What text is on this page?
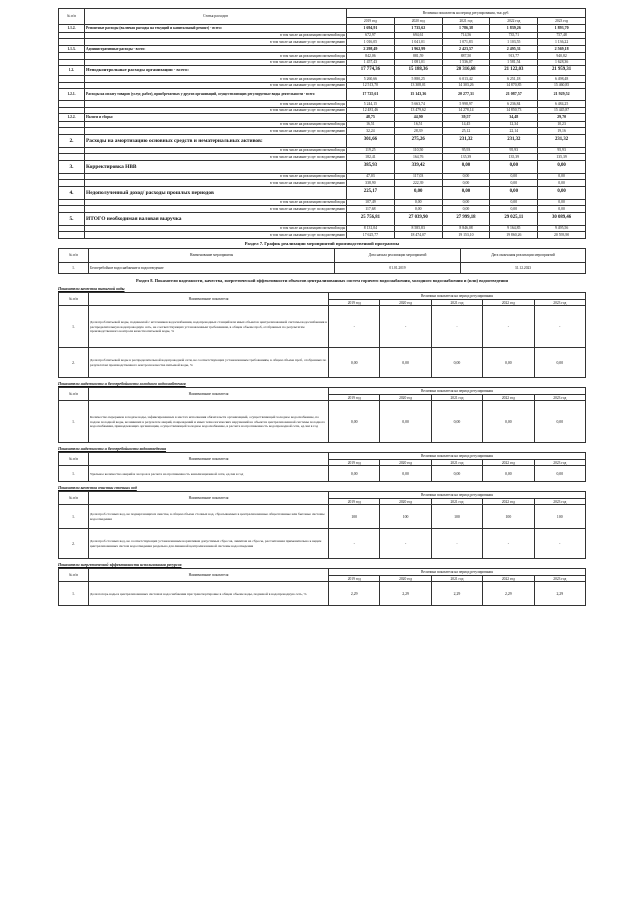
№ п/п	Статья расходов	Величина показателя на период регулирования, тыс.руб.				
		2019 год	2020 год	2021 год	2022 год	2023 год
1.1.2.	Ремонтные расходы (включая расходы на текущий и капитальный ремонт) - всего:	1 694,91	1 735,62	1 786,38	1 839,26	1 893,70
	в том числе на реализацию питьевой воды	672,97	694,61	714,56	735,71	757,48
	в том числе на оказание услуг по водоотведению	1 016,05	1 041,01	1 071,83	1 103,55	1 136,22
1.1.3.	Административные расходы - всего:	2 298,49	1 962,99	2 423,57	2 495,31	2 569,18
	в том числе на реализацию питьевой воды	842,06	881,59	887,50	913,77	940,82
	в том числе на оказание услуг по водоотведению	1 457,43	1 081,01	1 536,07	1 581,54	1 628,36
1.2.	Неподконтрольные расходы организации - всего:	17 774,36	15 188,36	20 316,68	21 122,03	21 959,31
	в том числе на реализацию питьевой воды	5 260,66	5 880,25	6 013,42	6 251,18	6 498,48
	в том числе на оказание услуг по водоотведению	12 513,70	13 308,01	14 303,26	14 870,85	15 460,85
1.2.1.	Расходы на оплату товаров (услуг, работ), приобретаемых у других организаций, осуществляющих регулируемые виды деятельности - всего	17 725,61	15 143,36	20 277,31	21 087,57	21 929,52
	в том числе на реализацию питьевой воды	5 244,15	5 663,74	5 998,97	6 236,84	6 484,25
	в том числе на оказание услуг по водоотведению	12 481,46	13 479,62	14 278,14	14 850,73	15 445,87
1.2.2.	Налоги и сборы:	48,75	44,90	39,57	34,48	29,70
	в том числе на реализацию питьевой воды	16,51	16,51	14,45	12,34	10,23
	в том числе на оказание услуг по водоотведению	32,24	28,39	25,12	22,14	19,16
2.	Расходы на амортизацию основных средств и нематериальных активов:	301,66	275,26	231,32	231,32	231,32
	в том числе на реализацию питьевой воды	119,25	110,50	95,93	95,93	95,93
	в том числе на оказание услуг по водоотведению	182,41	164,76	135,39	135,39	135,39
3.	Корректировка НВВ	385,93	339,42	0,00	0,00	0,00
	в том числе на реализацию питьевой воды	47,03	117,03	0,00	0,00	0,00
	в том числе на оказание услуг по водоотведению	338,90	222,39	0,00	0,00	0,00
4.	Недополученный доход/ расходы прошлых периодов	225,17	0,00	0,00	0,00	0,00
	в том числе на реализацию питьевой воды	107,49	0,00	0,00	0,00	0,00
	в том числе на оказание услуг по водоотведению	117,68	0,00	0,00	0,00	0,00
5.	ИТОГО необходимая валовая выручка	25 756,81	27 039,90	27 999,18	29 025,11	30 089,46
	в том числе на реализацию питьевой воды	8 131,04	8 585,83	8 846,08	9 164,85	9 495,56
	в том числе на оказание услуг по водоотведению	17 625,77	18 474,07	19 153,10	19 860,26	20 593,90
Раздел 7. График реализации мероприятий производственной программы
№ п/п	Наименование мероприятия	Дата начала реализации мероприятий	Дата окончания реализации мероприятий
1.	Бесперебойное водоснабжение и водоотведение	01.01.2019	31.12.2023
Раздел 8. Показатели надежности, качества, энергетической эффективности объектов централизованных систем горячего водоснабжения, холодного водоснабжения и (или) водоотведения
Показатели качества питьевой воды
№ п/п	Наименование показателя	Величина показателя на период регулирования				
		2019 год	2020 год	2021 год	2022 год	2023 год
1.	Доля проб питьевой воды, подаваемой с источников водоснабжения, водопроводных станций или иных объектов централизованной системы водоснабжения в распределительную водопроводную сеть, не соответствующих установленным требованиям, в общем объеме проб, отобранных по результатам производственного контроля качества питьевой воды, %	-	-	-	-	-
2.	Доля проб питьевой воды в распределительной водопроводной сети, не соответствующих установленным требованиям, в общем объеме проб, отобранных по результатам производственного контроля качества питьевой воды, %	0,00	0,00	0,00	0,00	0,00
Показатели надежности и бесперебойности холодного водоснабжения
№ п/п	Наименование показателя	Величина показателя на период регулирования				
		2019 год	2020 год	2021 год	2022 год	2023 год
1.	Количество перерывов в подаче воды, зафиксированных в местах исполнения обязательств организацией, осуществляющей холодное водоснабжение, по подаче холодной воды, возникших в результате аварий, повреждений и иных технологических нарушений на объектах централизованной системы холодного водоснабжения, принадлежащих организации, осуществляющей холодное водоснабжение, в расчете на протяженность водопроводной сети, ед./км в год	0,00	0,00	0,00	0,00	0,00
Показатели надежности и бесперебойности водоотведения
№ п/п	Наименование показателя	Величина показателя на период регулирования				
		2019 год	2020 год	2021 год	2022 год	2023 год
1.	Удельное количество аварий и засоров в расчете на протяженность канализационной сети, ед./км в год	0,00	0,00	0,00	0,00	0,00
Показатели качества очистки сточных вод
№ п/п	Наименование показателя	Величина показателя на период регулирования				
		2019 год	2020 год	2021 год	2022 год	2023 год
1.	Доля проб сточных вод, не подвергающихся очистке, в общем объеме сточных вод, сбрасываемых в централизованные общесплавные или бытовые системы водоотведения	100	100	100	100	100
2.	Доля проб сточных вод, не соответствующих установленным нормативам допустимых сбросов, лимитам на сбросы, рассчитанная применительно к видам централизованных систем водоотведения раздельно для ливневой централизованной системы водоотведения	-	-	-	-	-
Показатели энергетической эффективности использования ресурсов
№ п/п	Наименование показателя	Величина показателя на период регулирования				
		2019 год	2020 год	2021 год	2022 год	2023 год
1.	Доля потерь воды в централизованных системах водоснабжения при транспортировке в общем объеме воды, поданной в водопроводную сеть, %	2,29	2,29	2,29	2,29	2,29
